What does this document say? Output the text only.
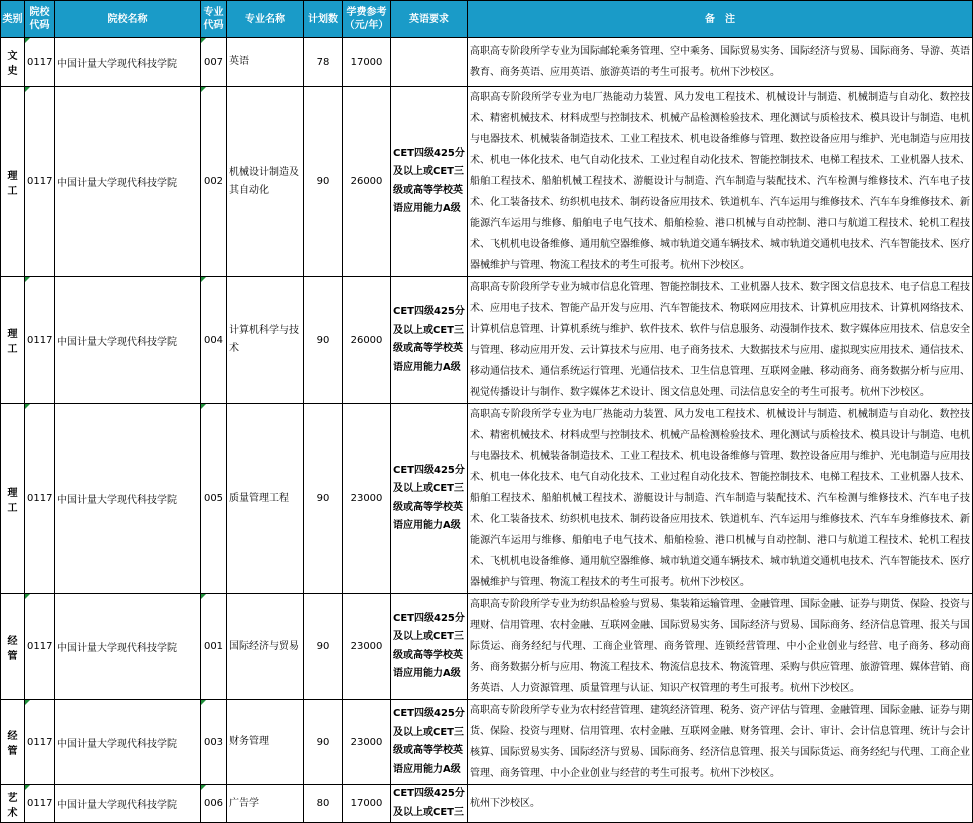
类别	院校代码	院校名称	专业代码	专业名称	计划数	学费参考（元/年）	英语要求	备　注
文史	0117	中国计量大学现代科技学院	007	英语	78	17000		高职高专阶段所学专业为国际邮轮乘务管理、空中乘务、国际贸易实务、国际经济与贸易、国际商务、导游、英语教育、商务英语、应用英语、旅游英语的考生可报考。杭州下沙校区。
理工	0117	中国计量大学现代科技学院	002	机械设计制造及其自动化	90	26000	CET四级425分及以上或CET三级或高等学校英语应用能力A级	高职高专阶段所学专业为电厂热能动力装置、风力发电工程技术、机械设计与制造、机械制造与自动化、数控技术、精密机械技术、材料成型与控制技术、机械产品检测检验技术、理化测试与质检技术、模具设计与制造、电机与电器技术、机械装备制造技术、工业工程技术、机电设备维修与管理、数控设备应用与维护、光电制造与应用技术、机电一体化技术、电气自动化技术、工业过程自动化技术、智能控制技术、电梯工程技术、工业机器人技术、船舶工程技术、船舶机械工程技术、游艇设计与制造、汽车制造与装配技术、汽车检测与维修技术、汽车电子技术、化工装备技术、纺织机电技术、制药设备应用技术、铁道机车、汽车运用与维修技术、汽车车身维修技术、新能源汽车运用与维修、船舶电子电气技术、船舶检验、港口机械与自动控制、港口与航道工程技术、轮机工程技术、飞机机电设备维修、通用航空器维修、城市轨道交通车辆技术、城市轨道交通机电技术、汽车智能技术、医疗器械维护与管理、物流工程技术的考生可报考。杭州下沙校区。
理工	0117	中国计量大学现代科技学院	004	计算机科学与技术	90	26000	CET四级425分及以上或CET三级或高等学校英语应用能力A级	高职高专阶段所学专业为城市信息化管理、智能控制技术、工业机器人技术、数字图文信息技术、电子信息工程技术、应用电子技术、智能产品开发与应用、汽车智能技术、物联网应用技术、计算机应用技术、计算机网络技术、计算机信息管理、计算机系统与维护、软件技术、软件与信息服务、动漫制作技术、数字媒体应用技术、信息安全与管理、移动应用开发、云计算技术与应用、电子商务技术、大数据技术与应用、虚拟现实应用技术、通信技术、移动通信技术、通信系统运行管理、光通信技术、卫生信息管理、互联网金融、移动商务、商务数据分析与应用、视觉传播设计与制作、数字媒体艺术设计、图文信息处理、司法信息安全的考生可报考。杭州下沙校区。
理工	0117	中国计量大学现代科技学院	005	质量管理工程	90	23000	CET四级425分及以上或CET三级或高等学校英语应用能力A级	高职高专阶段所学专业为电厂热能动力装置、风力发电工程技术、机械设计与制造、机械制造与自动化、数控技术、精密机械技术、材料成型与控制技术、机械产品检测检验技术、理化测试与质检技术、模具设计与制造、电机与电器技术、机械装备制造技术、工业工程技术、机电设备维修与管理、数控设备应用与维护、光电制造与应用技术、机电一体化技术、电气自动化技术、工业过程自动化技术、智能控制技术、电梯工程技术、工业机器人技术、船舶工程技术、船舶机械工程技术、游艇设计与制造、汽车制造与装配技术、汽车检测与维修技术、汽车电子技术、化工装备技术、纺织机电技术、制药设备应用技术、铁道机车、汽车运用与维修技术、汽车车身维修技术、新能源汽车运用与维修、船舶电子电气技术、船舶检验、港口机械与自动控制、港口与航道工程技术、轮机工程技术、飞机机电设备维修、通用航空器维修、城市轨道交通车辆技术、城市轨道交通机电技术、汽车智能技术、医疗器械维护与管理、物流工程技术的考生可报考。杭州下沙校区。
经管	0117	中国计量大学现代科技学院	001	国际经济与贸易	90	23000	CET四级425分及以上或CET三级或高等学校英语应用能力A级	高职高专阶段所学专业为纺织品检验与贸易、集装箱运输管理、金融管理、国际金融、证券与期货、保险、投资与理财、信用管理、农村金融、互联网金融、国际贸易实务、国际经济与贸易、国际商务、经济信息管理、报关与国际货运、商务经纪与代理、工商企业管理、商务管理、连锁经营管理、中小企业创业与经营、电子商务、移动商务、商务数据分析与应用、物流工程技术、物流信息技术、物流管理、采购与供应管理、旅游管理、媒体营销、商务英语、人力资源管理、质量管理与认证、知识产权管理的考生可报考。杭州下沙校区。
经管	0117	中国计量大学现代科技学院	003	财务管理	90	23000	CET四级425分及以上或CET三级或高等学校英语应用能力A级	高职高专阶段所学专业为农村经营管理、建筑经济管理、税务、资产评估与管理、金融管理、国际金融、证券与期货、保险、投资与理财、信用管理、农村金融、互联网金融、财务管理、会计、审计、会计信息管理、统计与会计核算、国际贸易实务、国际经济与贸易、国际商务、经济信息管理、报关与国际货运、商务经纪与代理、工商企业管理、商务管理、中小企业创业与经营的考生可报考。杭州下沙校区。
艺术	0117	中国计量大学现代科技学院	006	广告学	80	17000	CET四级425分及以上或CET三	杭州下沙校区。
